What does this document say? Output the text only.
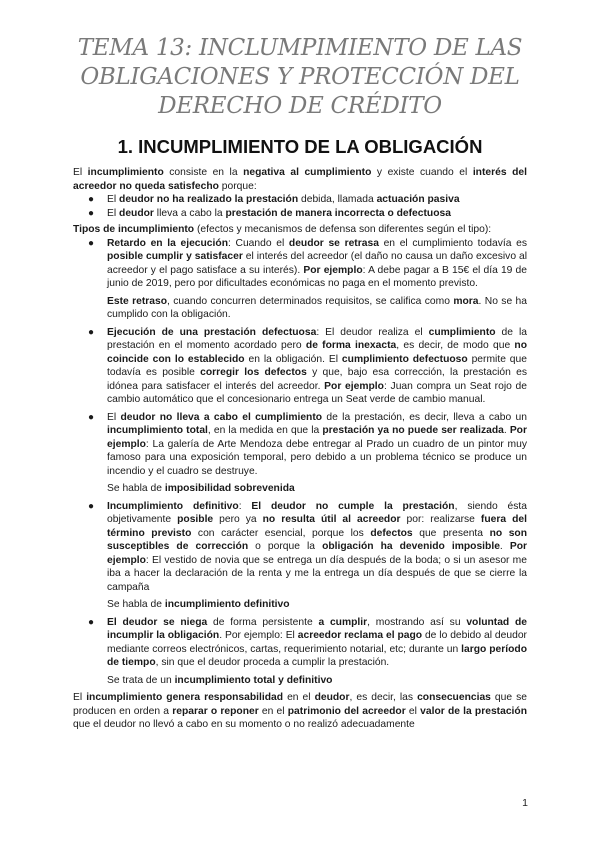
TEMA 13: INCLUMPIMIENTO DE LAS OBLIGACIONES Y PROTECCIÓN DEL DERECHO DE CRÉDITO
1. INCUMPLIMIENTO DE LA OBLIGACIÓN

El incumplimiento consiste en la negativa al cumplimiento y existe cuando el interés del acreedor no queda satisfecho porque:

● El deudor no ha realizado la prestación debida, llamada actuación pasiva
● El deudor lleva a cabo la prestación de manera incorrecta o defectuosa

Tipos de incumplimiento (efectos y mecanismos de defensa son diferentes según el tipo):

● Retardo en la ejecución: Cuando el deudor se retrasa en el cumplimiento todavía es posible cumplir y satisfacer el interés del acreedor (el daño no causa un daño excesivo al acreedor y el pago satisface a su interés). Por ejemplo: A debe pagar a B 15€ el día 19 de junio de 2019, pero por dificultades económicas no paga en el momento previsto.

Este retraso, cuando concurren determinados requisitos, se califica como mora. No se ha cumplido con la obligación.

● Ejecución de una prestación defectuosa: El deudor realiza el cumplimiento de la prestación en el momento acordado pero de forma inexacta, es decir, de modo que no coincide con lo establecido en la obligación. El cumplimiento defectuoso permite que todavía es posible corregir los defectos y que, bajo esa corrección, la prestación es idónea para satisfacer el interés del acreedor. Por ejemplo: Juan compra un Seat rojo de cambio automático que el concesionario entrega un Seat verde de cambio manual.

● El deudor no lleva a cabo el cumplimiento de la prestación, es decir, lleva a cabo un incumplimiento total, en la medida en que la prestación ya no puede ser realizada. Por ejemplo: La galería de Arte Mendoza debe entregar al Prado un cuadro de un pintor muy famoso para una exposición temporal, pero debido a un problema técnico se produce un incendio y el cuadro se destruye.

Se habla de imposibilidad sobrevenida

● Incumplimiento definitivo: El deudor no cumple la prestación, siendo ésta objetivamente posible pero ya no resulta útil al acreedor por: realizarse fuera del término previsto con carácter esencial, porque los defectos que presenta no son susceptibles de corrección o porque la obligación ha devenido imposible. Por ejemplo: El vestido de novia que se entrega un día después de la boda; o si un asesor me iba a hacer la declaración de la renta y me la entrega un día después de que se cierre la campaña

Se habla de incumplimiento definitivo

● El deudor se niega de forma persistente a cumplir, mostrando así su voluntad de incumplir la obligación. Por ejemplo: El acreedor reclama el pago de lo debido al deudor mediante correos electrónicos, cartas, requerimiento notarial, etc; durante un largo período de tiempo, sin que el deudor proceda a cumplir la prestación.

Se trata de un incumplimiento total y definitivo

El incumplimiento genera responsabilidad en el deudor, es decir, las consecuencias que se producen en orden a reparar o reponer en el patrimonio del acreedor el valor de la prestación que el deudor no llevó a cabo en su momento o no realizó adecuadamente

1
